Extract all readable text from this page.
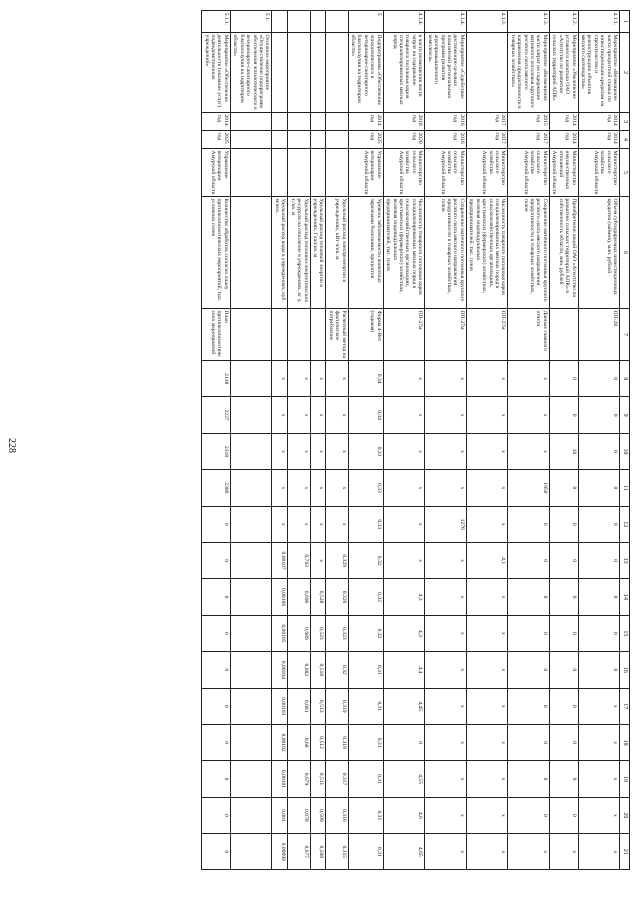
228
1	2	3	4	5	6	7	8	9	10	11	12	13	14	15	16	17	18	19	20	21
4.1.1.	Мероприятие «Возмещение части процентной ставки по инвестиционным кредитам на строительство и реконструкцию объектов мясного скотоводства»	2014 год	2014 год	Министерство сельского хозяйства Амурской области	Объем субсидируемых инвестиционных кредитов (займов), млн. рублей	ПП-28	0	0	0	0	0	0	0	0	0	х	х	х	х	х
4.1.2.	Мероприятие «Увеличение уставного капитала ОАО «Агентство по развитию сельских территорий АПК»	2014 год	2014 год	Министерство имущественных отношений Амурской области	Приобретение акций ОАО «Агентство по развитию сельских территорий АПК» в собственность области, млн. рублей		0	0	10	0	0	0	0	0	0	0	0	0	0	х
4.1.3.	Мероприятие «Возмещение части затрат на содержание маточного поголовья крупного рогатого скота мясного направления продуктивности в товарных хозяйствах»	2015 год	2017 год	Министерство сельского хозяйства Амурской области	Сохранение маточного поголовья крупного рогатого скота мясного направления продуктивности в товарных хозяйствах, голов	Данные главного отчета	х	х	х	1950	0	0	0	0	0	0	0	0	0	х
4.1.3.		2017 год	2017 год	Министерство сельского хозяйства Амурской области	Численность товарного поголовья коров специализированных мясных пород в сельскохозяйственных организациях, крестьянских (фермерских) хозяйствах, включая индивидуальных предпринимателей, тыс. голов	ПП-27м	х	х	х	х	х	4,1	х	х	х	х	х	х	х	х
4.1.4.	Мероприятие «Содействие достижению целевых показателей региональных программ развития агропромышленного комплекса»	2016 год	2016 год	Министерство сельского хозяйства Амурской области	Сохранение маточного поголовья крупного рогатого скота мясного направления продуктивности в товарных хозяйствах, голов	ПП-27м	х	х	х	х	1276	х	х	х	х	х	х	х	х	х
4.1.4.	в части возмещения части затрат на содержание товарного поголовья коров специализированных мясных пород	2018 год	2020 год	Министерство сельского хозяйства Амурской области	Численность товарного поголовья коров специализированных мясных пород в сельскохозяйственных организациях, крестьянских (фермерских) хозяйствах, включая индивидуальных предпринимателей, тыс. голов	ПП-27м	х	х	х	х	х	х	4,3	4,3	4,4	4,45	0	4,55	4,6	4,65
5.	Подпрограмма «Обеспечение эпизоотического и ветеринарно-санитарного благополучия на территории области»	2014 год	2025 год	Управление ветеринарии Амурской области	Уровень заболеваемости животных заразными болезнями, процентов	Форма 4-Вет (годовая)	0,34	0,34	0,33	0,33	0,33	0,32	0,32	0,32	0,31	0,31	0,31	0,31	0,31	0,31
					Удельный расход электроэнергии в учреждениях, кВт·ч/кв. м	Расчетный метод на фактическое потребление	х	х	х	х	х	0,329	0,326	0,323	0,32	0,319	0,318	0,317	0,316	0,315
					Удельный расход тепловой энергии в учреждениях, Гкал/кв. м		х	х	х	х	х	х	0,528	0,523	0,518	0,513	0,512	0,511	0,509	0,508
					Удельный расход топливно-энергетических ресурсов на отопление в учреждениях, кг у. т./кв. м		х	х	х	х	х	0,703	0,696	0,689	0,682	0,681	0,68	0,679	0,678	0,677
					Удельный расход воды в учреждениях, куб. м/чел.		х	х	х	х	х	0,00107	0,00106	0,00105	0,00104	0,00103	0,00102	0,00101	0,001	0,00099
5.1.	Основное мероприятие «Осуществление подпрограмм обеспечения эпизоотического и ветеринарно-санитарного благополучия на территории области»																			
5.1.1.	Мероприятие «Обеспечение деятельности (оказание услуг) подведомственных учреждений»	2014 год	2025 год	Управление ветеринарии Амурской области	Количество обработок согласно плану противоэпизоотических мероприятий, тыс. условных голов	План противоэпизоотических мероприятий	2138	2227	2318	2380	0	0	0	0	0	0	0	0	0	0
